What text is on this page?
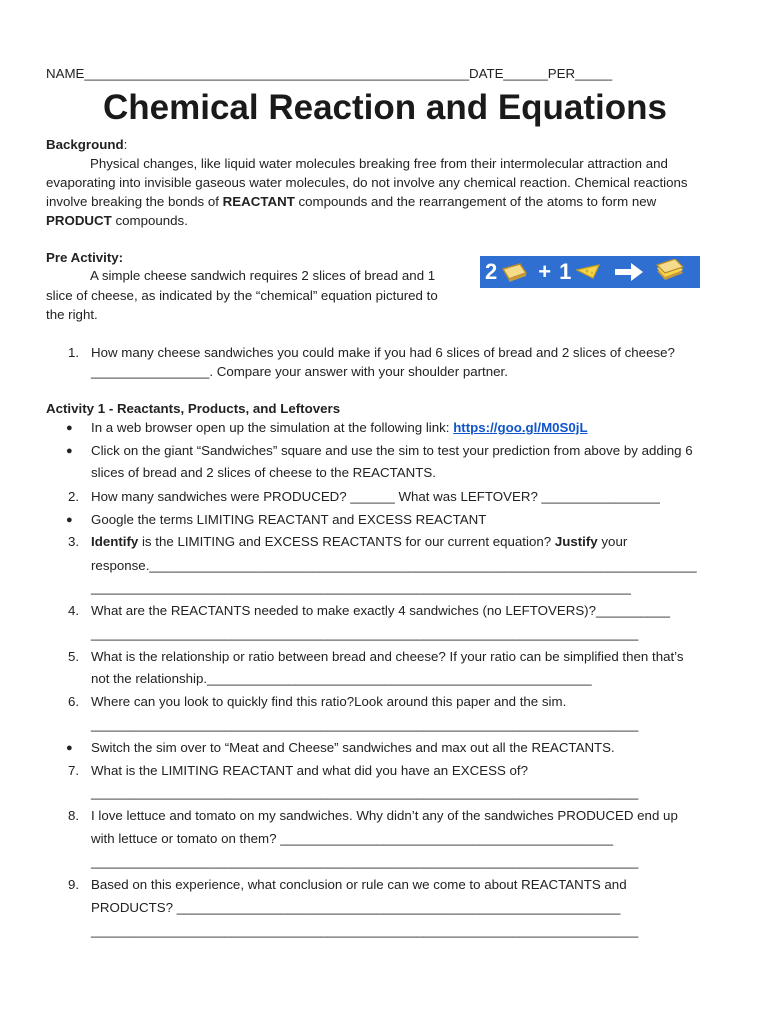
NAME____________________________________________________DATE______PER_____
Chemical Reaction and Equations
Background:
Physical changes, like liquid water molecules breaking free from their intermolecular attraction and
evaporating into invisible gaseous water molecules, do not involve any chemical reaction. Chemical reactions
involve breaking the bonds of REACTANT compounds and the rearrangement of the atoms to form new
PRODUCT compounds.
Pre Activity:
A simple cheese sandwich requires 2 slices of bread and 1
slice of cheese, as indicated by the “chemical” equation pictured to
the right.
2 + 1
1. How many cheese sandwiches you could make if you had 6 slices of bread and 2 slices of cheese?
________________. Compare your answer with your shoulder partner.
Activity 1 - Reactants, Products, and Leftovers
● In a web browser open up the simulation at the following link: https://goo.gl/M0S0jL
● Click on the giant “Sandwiches” square and use the sim to test your prediction from above by adding 6
slices of bread and 2 slices of cheese to the REACTANTS.
2. How many sandwiches were PRODUCED? ______ What was LEFTOVER? ________________
● Google the terms LIMITING REACTANT and EXCESS REACTANT
3. Identify is the LIMITING and EXCESS REACTANTS for our current equation? Justify your
response.__________________________________________________________________________
_________________________________________________________________________
4. What are the REACTANTS needed to make exactly 4 sandwiches (no LEFTOVERS)?__________
__________________________________________________________________________
5. What is the relationship or ratio between bread and cheese? If your ratio can be simplified then that’s
not the relationship.____________________________________________________
6. Where can you look to quickly find this ratio?Look around this paper and the sim.
__________________________________________________________________________
● Switch the sim over to “Meat and Cheese” sandwiches and max out all the REACTANTS.
7. What is the LIMITING REACTANT and what did you have an EXCESS of?
__________________________________________________________________________
8. I love lettuce and tomato on my sandwiches. Why didn’t any of the sandwiches PRODUCED end up
with lettuce or tomato on them? _____________________________________________
__________________________________________________________________________
9. Based on this experience, what conclusion or rule can we come to about REACTANTS and
PRODUCTS? ____________________________________________________________
__________________________________________________________________________
